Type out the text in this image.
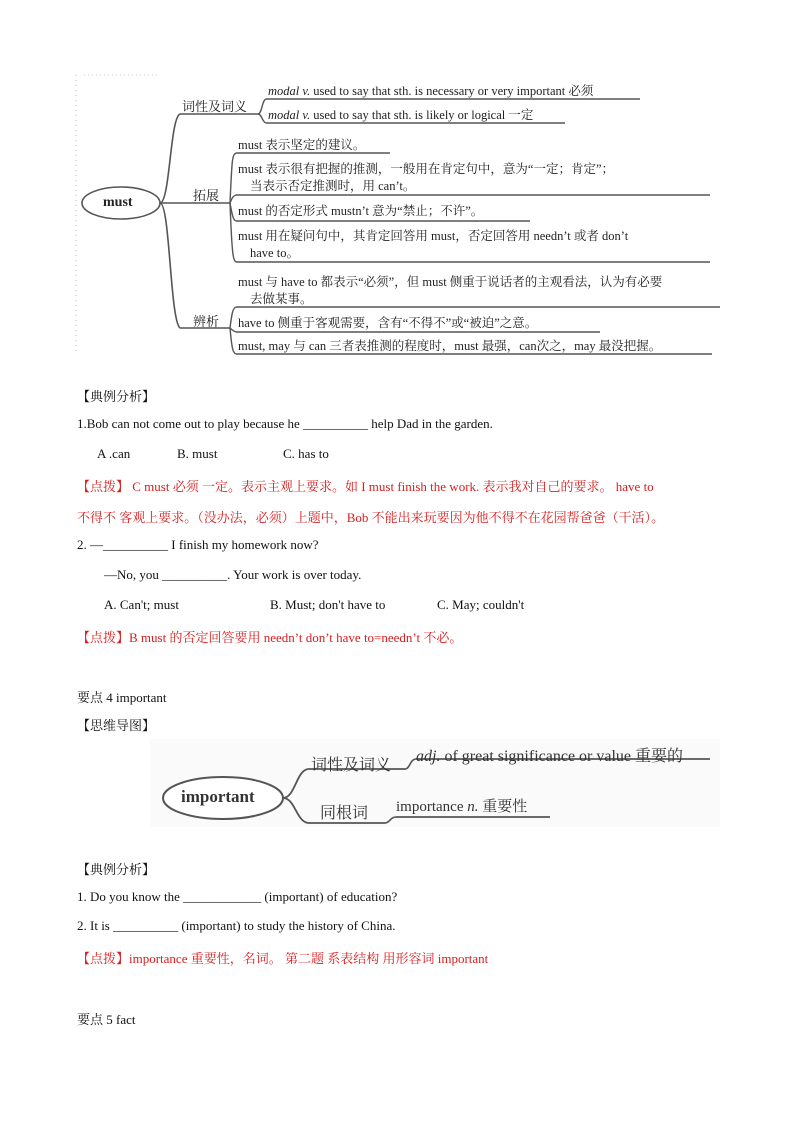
must
词性及词义
拓展
辨析
modal v. used to say that sth. is necessary or very important 必须
modal v. used to say that sth. is likely or logical 一定
must 表示坚定的建议。
must 表示很有把握的推测，一般用在肯定句中，意为“一定；肯定”；
当表示否定推测时，用 can’t。
must 的否定形式 mustn’t 意为“禁止；不许”。
must 用在疑问句中，其肯定回答用 must，否定回答用 needn’t 或者 don’t
have to。
must 与 have to 都表示“必须”，但 must 侧重于说话者的主观看法，认为有必要
去做某事。
have to 侧重于客观需要，含有“不得不”或“被迫”之意。
must, may 与 can 三者表推测的程度时，must 最强，can次之，may 最没把握。
【典例分析】
1.Bob can not come out to play because he __________ help Dad in the garden.
A .can	B. must	C. has to
【点拨】 C must 必须 一定。表示主观上要求。如 I must finish the work. 表示我对自己的要求。 have to
不得不 客观上要求。（没办法，必须）上题中，Bob 不能出来玩要因为他不得不在花园帮爸爸（干活）。
2. —__________ I finish my homework now?
—No, you __________. Your work is over today.
A. Can't; must	B. Must; don't have to	C. May; couldn't
【点拨】B must 的否定回答要用 needn’t don’t have to=needn’t 不必。
要点 4 important
【思维导图】
important
词性及词义
adj. of great significance or value 重要的
同根词 importance n. 重要性
【典例分析】
1. Do you know the ____________ (important) of education?
2. It is __________ (important) to study the history of China.
【点拨】importance 重要性，名词。 第二题 系表结构 用形容词 important
要点 5 fact
